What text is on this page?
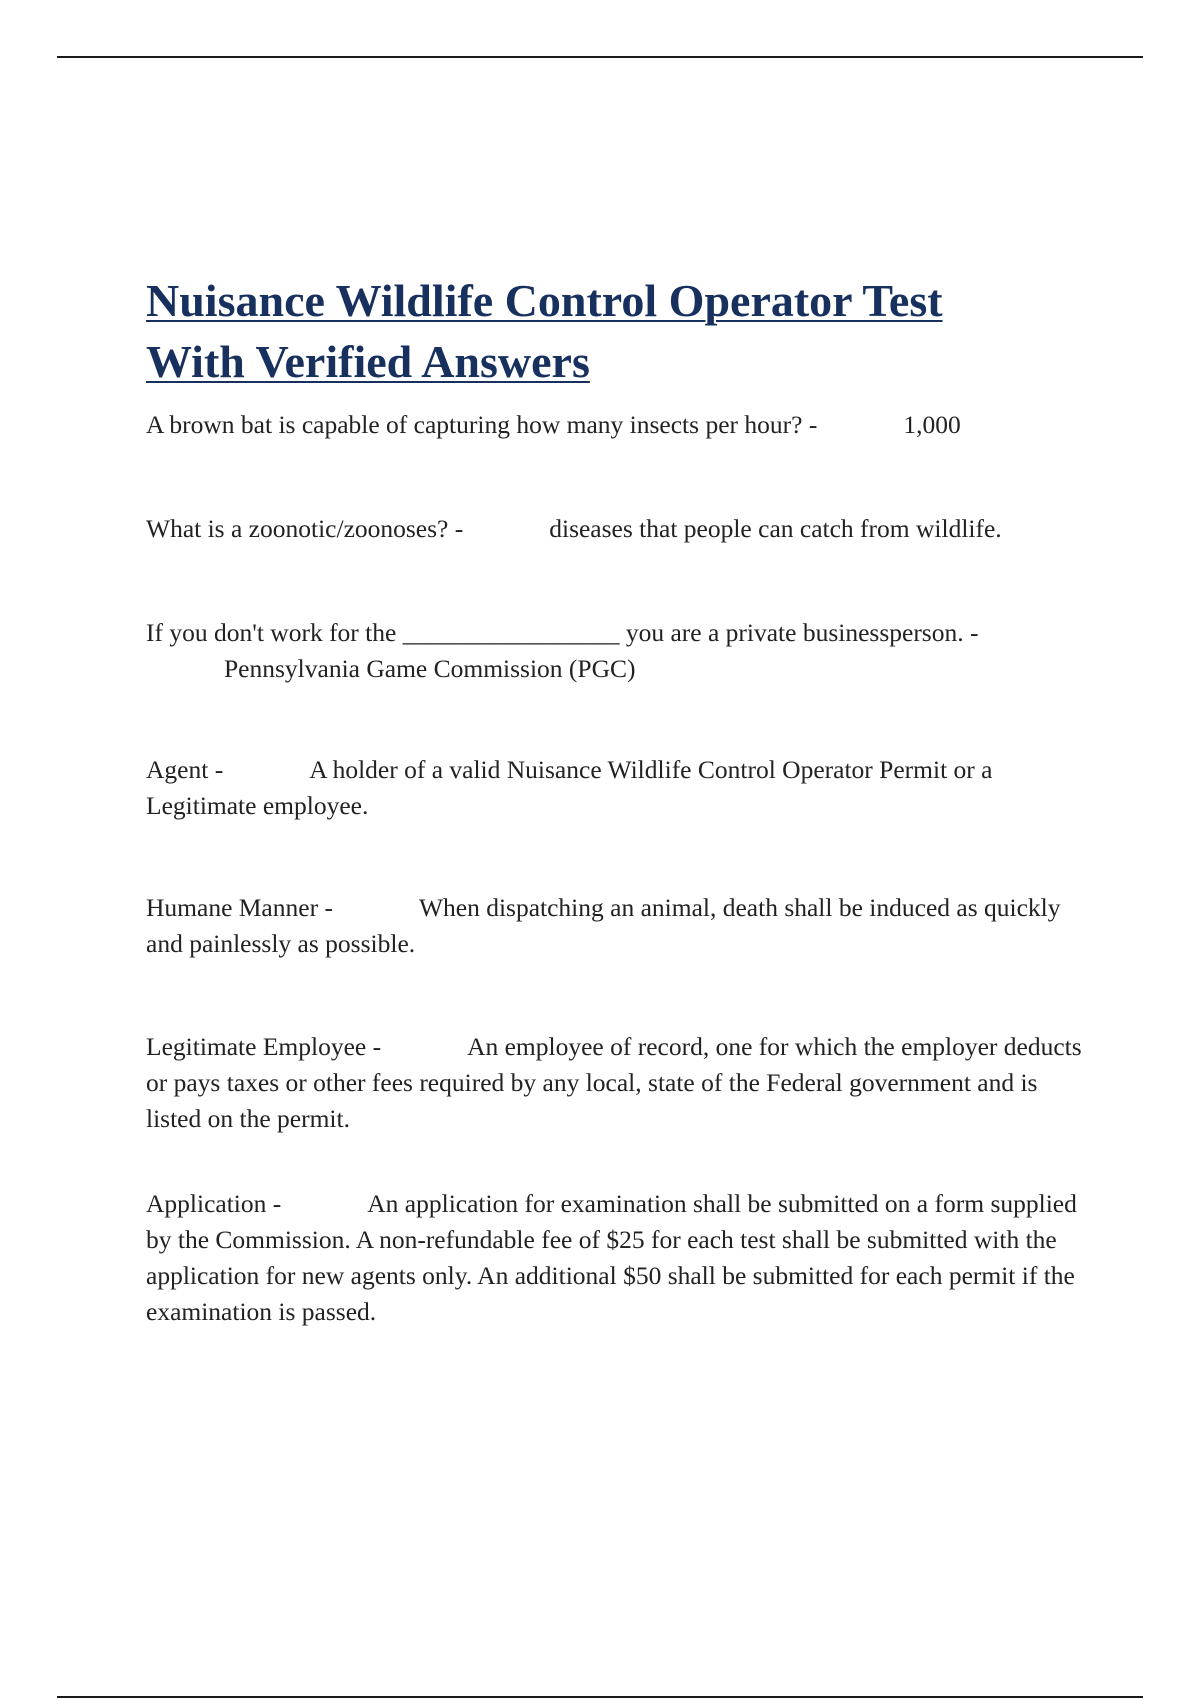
Nuisance Wildlife Control Operator Test
With Verified Answers
A brown bat is capable of capturing how many insects per hour? -	1,000
What is a zoonotic/zoonoses? -	diseases that people can catch from wildlife.
If you don't work for the _________________ you are a private businessperson. -
Pennsylvania Game Commission (PGC)
Agent -	A holder of a valid Nuisance Wildlife Control Operator Permit or a Legitimate employee.
Humane Manner -	When dispatching an animal, death shall be induced as quickly and painlessly as possible.
Legitimate Employee -	An employee of record, one for which the employer deducts or pays taxes or other fees required by any local, state of the Federal government and is listed on the permit.
Application -	An application for examination shall be submitted on a form supplied by the Commission. A non-refundable fee of $25 for each test shall be submitted with the application for new agents only. An additional $50 shall be submitted for each permit if the examination is passed.
